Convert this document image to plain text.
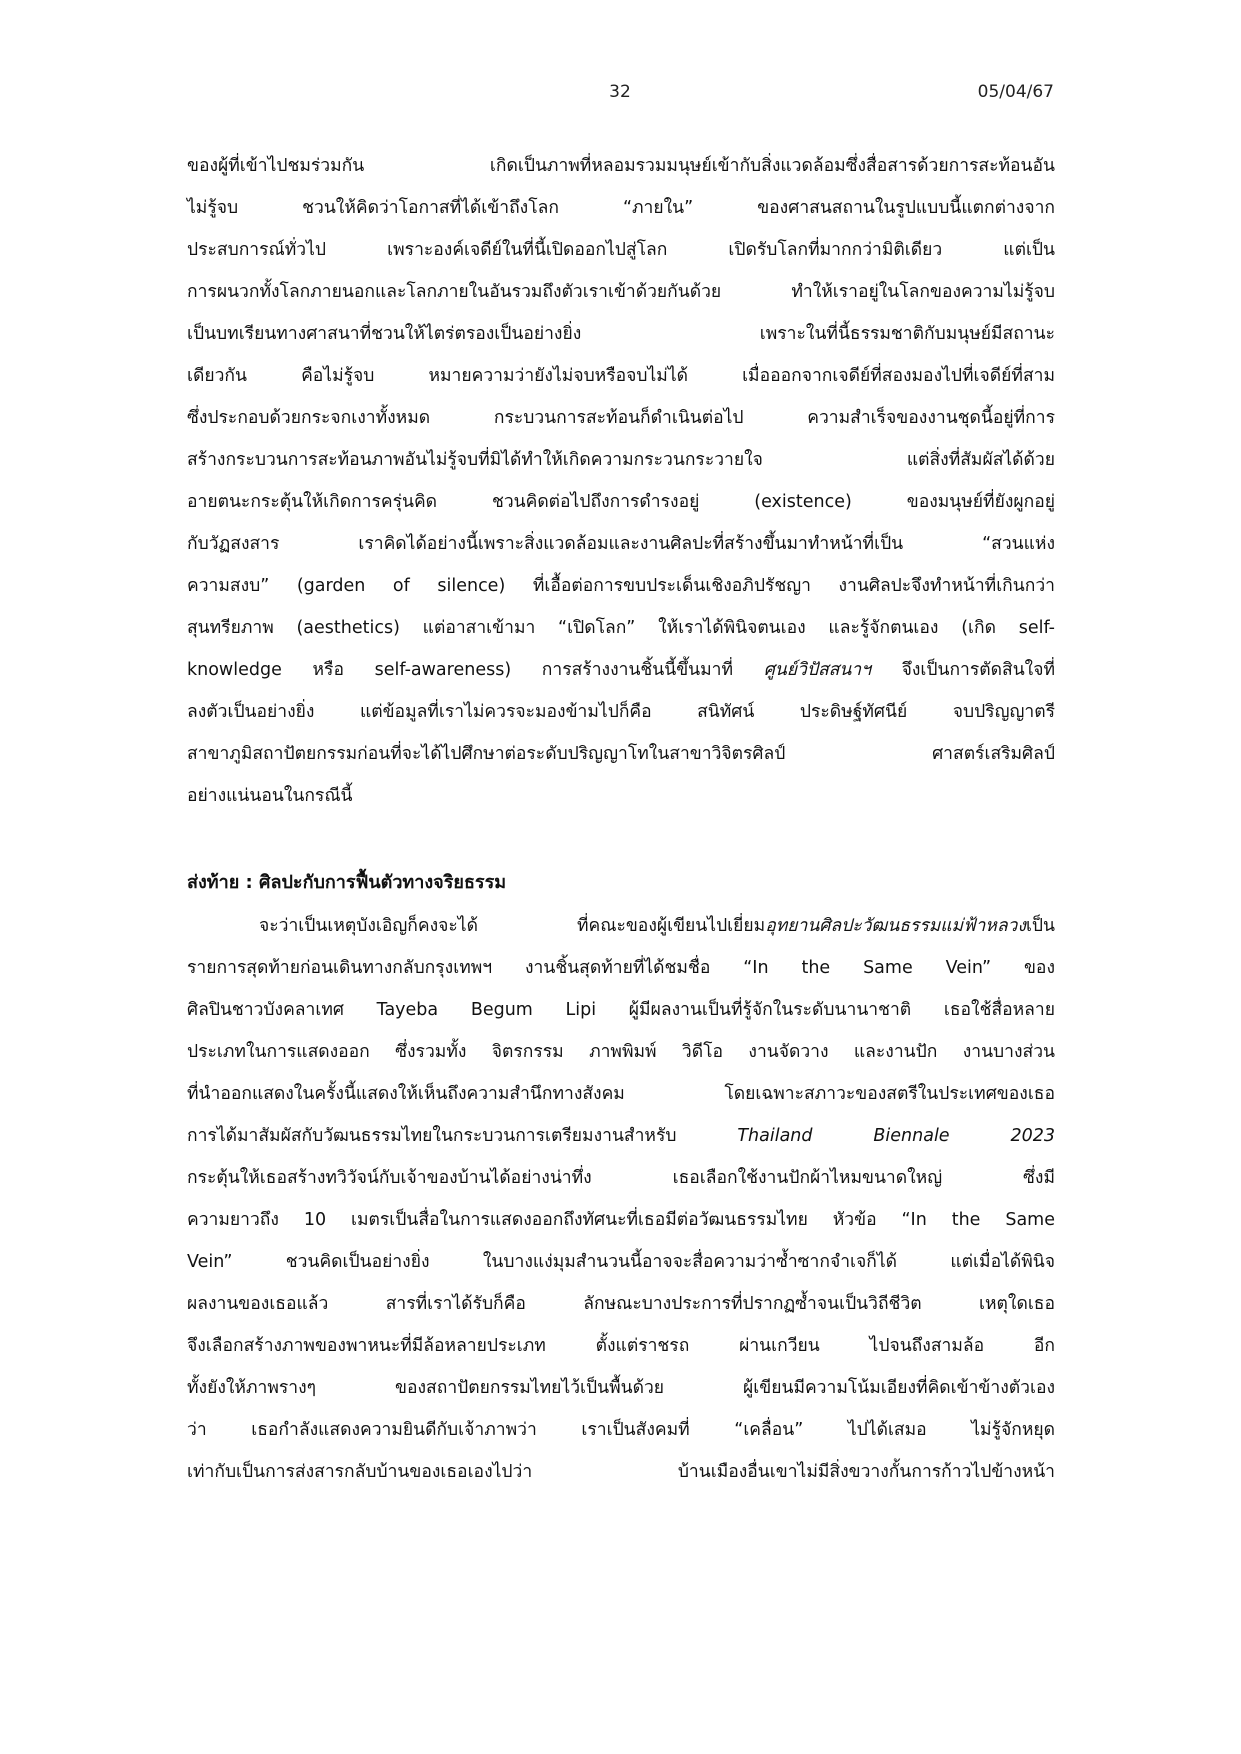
32	05/04/67
ของผู้ที่เข้าไปชมร่วมกัน เกิดเป็นภาพที่หลอมรวมมนุษย์เข้ากับสิ่งแวดล้อมซึ่งสื่อสารด้วยการสะท้อนอัน
ไม่รู้จบ ชวนให้คิดว่าโอกาสที่ได้เข้าถึงโลก “ภายใน” ของศาสนสถานในรูปแบบนี้แตกต่างจาก
ประสบการณ์ทั่วไป เพราะองค์เจดีย์ในที่นี้เปิดออกไปสู่โลก เปิดรับโลกที่มากกว่ามิติเดียว แต่เป็น
การผนวกทั้งโลกภายนอกและโลกภายในอันรวมถึงตัวเราเข้าด้วยกันด้วย ทำให้เราอยู่ในโลกของความไม่รู้จบ
เป็นบทเรียนทางศาสนาที่ชวนให้ไตร่ตรองเป็นอย่างยิ่ง เพราะในที่นี้ธรรมชาติกับมนุษย์มีสถานะ
เดียวกัน คือไม่รู้จบ หมายความว่ายังไม่จบหรือจบไม่ได้ เมื่อออกจากเจดีย์ที่สองมองไปที่เจดีย์ที่สาม
ซึ่งประกอบด้วยกระจกเงาทั้งหมด กระบวนการสะท้อนก็ดำเนินต่อไป ความสำเร็จของงานชุดนี้อยู่ที่การ
สร้างกระบวนการสะท้อนภาพอันไม่รู้จบที่มิได้ทำให้เกิดความกระวนกระวายใจ แต่สิ่งที่สัมผัสได้ด้วย
อายตนะกระตุ้นให้เกิดการครุ่นคิด ชวนคิดต่อไปถึงการดำรงอยู่ (existence) ของมนุษย์ที่ยังผูกอยู่
กับวัฏสงสาร เราคิดได้อย่างนี้เพราะสิ่งแวดล้อมและงานศิลปะที่สร้างขึ้นมาทำหน้าที่เป็น “สวนแห่ง
ความสงบ” (garden of silence) ที่เอื้อต่อการขบประเด็นเชิงอภิปรัชญา งานศิลปะจึงทำหน้าที่เกินกว่า
สุนทรียภาพ (aesthetics) แต่อาสาเข้ามา “เปิดโลก” ให้เราได้พินิจตนเอง และรู้จักตนเอง (เกิด self-
knowledge หรือ self-awareness) การสร้างงานชิ้นนี้ขึ้นมาที่ ศูนย์วิปัสสนาฯ จึงเป็นการตัดสินใจที่
ลงตัวเป็นอย่างยิ่ง แต่ข้อมูลที่เราไม่ควรจะมองข้ามไปก็คือ สนิทัศน์ ประดิษฐ์ทัศนีย์ จบปริญญาตรี
สาขาภูมิสถาปัตยกรรมก่อนที่จะได้ไปศึกษาต่อระดับปริญญาโทในสาขาวิจิตรศิลป์ ศาสตร์เสริมศิลป์
อย่างแน่นอนในกรณีนี้
ส่งท้าย : ศิลปะกับการฟื้นตัวทางจริยธรรม
จะว่าเป็นเหตุบังเอิญก็คงจะได้ ที่คณะของผู้เขียนไปเยี่ยมอุทยานศิลปะวัฒนธรรมแม่ฟ้าหลวงเป็น
รายการสุดท้ายก่อนเดินทางกลับกรุงเทพฯ งานชิ้นสุดท้ายที่ได้ชมชื่อ “In the Same Vein” ของ
ศิลปินชาวบังคลาเทศ Tayeba Begum Lipi ผู้มีผลงานเป็นที่รู้จักในระดับนานาชาติ เธอใช้สื่อหลาย
ประเภทในการแสดงออก ซึ่งรวมทั้ง จิตรกรรม ภาพพิมพ์ วิดีโอ งานจัดวาง และงานปัก งานบางส่วน
ที่นำออกแสดงในครั้งนี้แสดงให้เห็นถึงความสำนึกทางสังคม โดยเฉพาะสภาวะของสตรีในประเทศของเธอ
การได้มาสัมผัสกับวัฒนธรรมไทยในกระบวนการเตรียมงานสำหรับ Thailand Biennale 2023
กระตุ้นให้เธอสร้างทวิวัจน์กับเจ้าของบ้านได้อย่างน่าทึ่ง เธอเลือกใช้งานปักผ้าไหมขนาดใหญ่ ซึ่งมี
ความยาวถึง 10 เมตรเป็นสื่อในการแสดงออกถึงทัศนะที่เธอมีต่อวัฒนธรรมไทย หัวข้อ “In the Same
Vein” ชวนคิดเป็นอย่างยิ่ง ในบางแง่มุมสำนวนนี้อาจจะสื่อความว่าซ้ำซากจำเจก็ได้ แต่เมื่อได้พินิจ
ผลงานของเธอแล้ว สารที่เราได้รับก็คือ ลักษณะบางประการที่ปรากฏซ้ำจนเป็นวิถีชีวิต เหตุใดเธอ
จึงเลือกสร้างภาพของพาหนะที่มีล้อหลายประเภท ตั้งแต่ราชรถ ผ่านเกวียน ไปจนถึงสามล้อ อีก
ทั้งยังให้ภาพรางๆ ของสถาปัตยกรรมไทยไว้เป็นพื้นด้วย ผู้เขียนมีความโน้มเอียงที่คิดเข้าข้างตัวเอง
ว่า เธอกำลังแสดงความยินดีกับเจ้าภาพว่า เราเป็นสังคมที่ “เคลื่อน” ไปได้เสมอ ไม่รู้จักหยุด
เท่ากับเป็นการส่งสารกลับบ้านของเธอเองไปว่า บ้านเมืองอื่นเขาไม่มีสิ่งขวางกั้นการก้าวไปข้างหน้า
